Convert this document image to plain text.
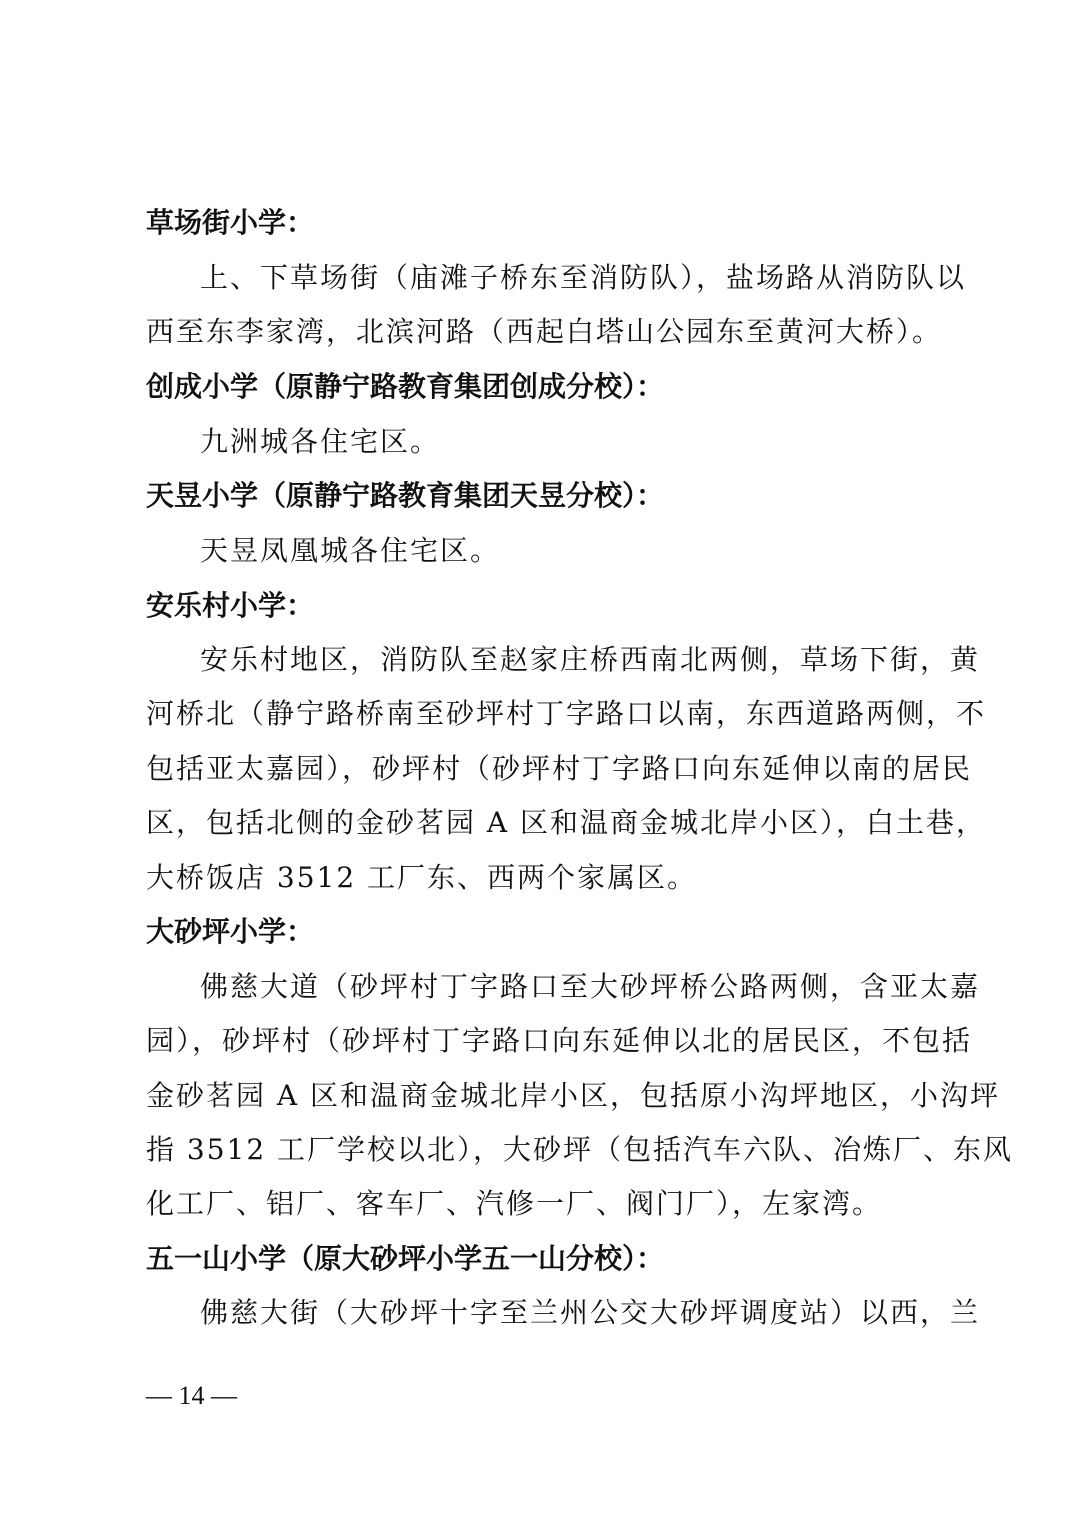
草场街小学：
上、下草场街（庙滩子桥东至消防队），盐场路从消防队以
西至东李家湾，北滨河路（西起白塔山公园东至黄河大桥）。
创成小学（原静宁路教育集团创成分校）：
九洲城各住宅区。
天昱小学（原静宁路教育集团天昱分校）：
天昱凤凰城各住宅区。
安乐村小学：
安乐村地区，消防队至赵家庄桥西南北两侧，草场下街，黄
河桥北（静宁路桥南至砂坪村丁字路口以南，东西道路两侧，不
包括亚太嘉园），砂坪村（砂坪村丁字路口向东延伸以南的居民
区，包括北侧的金砂茗园 A 区和温商金城北岸小区），白土巷，
大桥饭店 3512 工厂东、西两个家属区。
大砂坪小学：
佛慈大道（砂坪村丁字路口至大砂坪桥公路两侧，含亚太嘉
园），砂坪村（砂坪村丁字路口向东延伸以北的居民区，不包括
金砂茗园 A 区和温商金城北岸小区，包括原小沟坪地区，小沟坪
指 3512 工厂学校以北），大砂坪（包括汽车六队、冶炼厂、东风
化工厂、铝厂、客车厂、汽修一厂、阀门厂），左家湾。
五一山小学（原大砂坪小学五一山分校）：
佛慈大街（大砂坪十字至兰州公交大砂坪调度站）以西，兰
— 14 —
